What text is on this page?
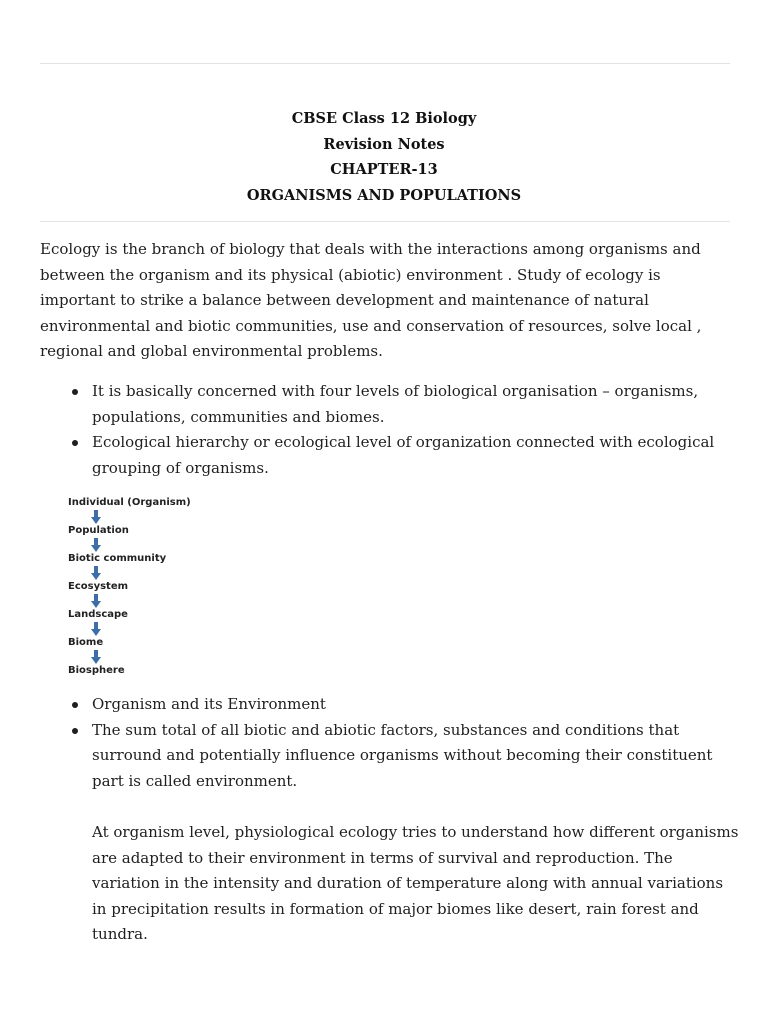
CBSE Class 12 Biology
Revision Notes
CHAPTER-13
ORGANISMS AND POPULATIONS

Ecology is the branch of biology that deals with the interactions among organisms and between the organism and its physical (abiotic) environment . Study of ecology is important to strike a balance between development and maintenance of natural environmental and biotic communities, use and conservation of resources, solve local , regional and global environmental problems.

It is basically concerned with four levels of biological organisation – organisms, populations, communities and biomes.
Ecological hierarchy or ecological level of organization connected with ecological grouping of organisms.
Individual (Organism)
Population
Biotic community
Ecosystem
Landscape
Biome
Biosphere
Organism and its Environment
The sum total of all biotic and abiotic factors, substances and conditions that surround and potentially influence organisms without becoming their constituent part is called environment.

At organism level, physiological ecology tries to understand how different organisms are adapted to their environment in terms of survival and reproduction. The variation in the intensity and duration of temperature along with annual variations in precipitation results in formation of major biomes like desert, rain forest and tundra.
